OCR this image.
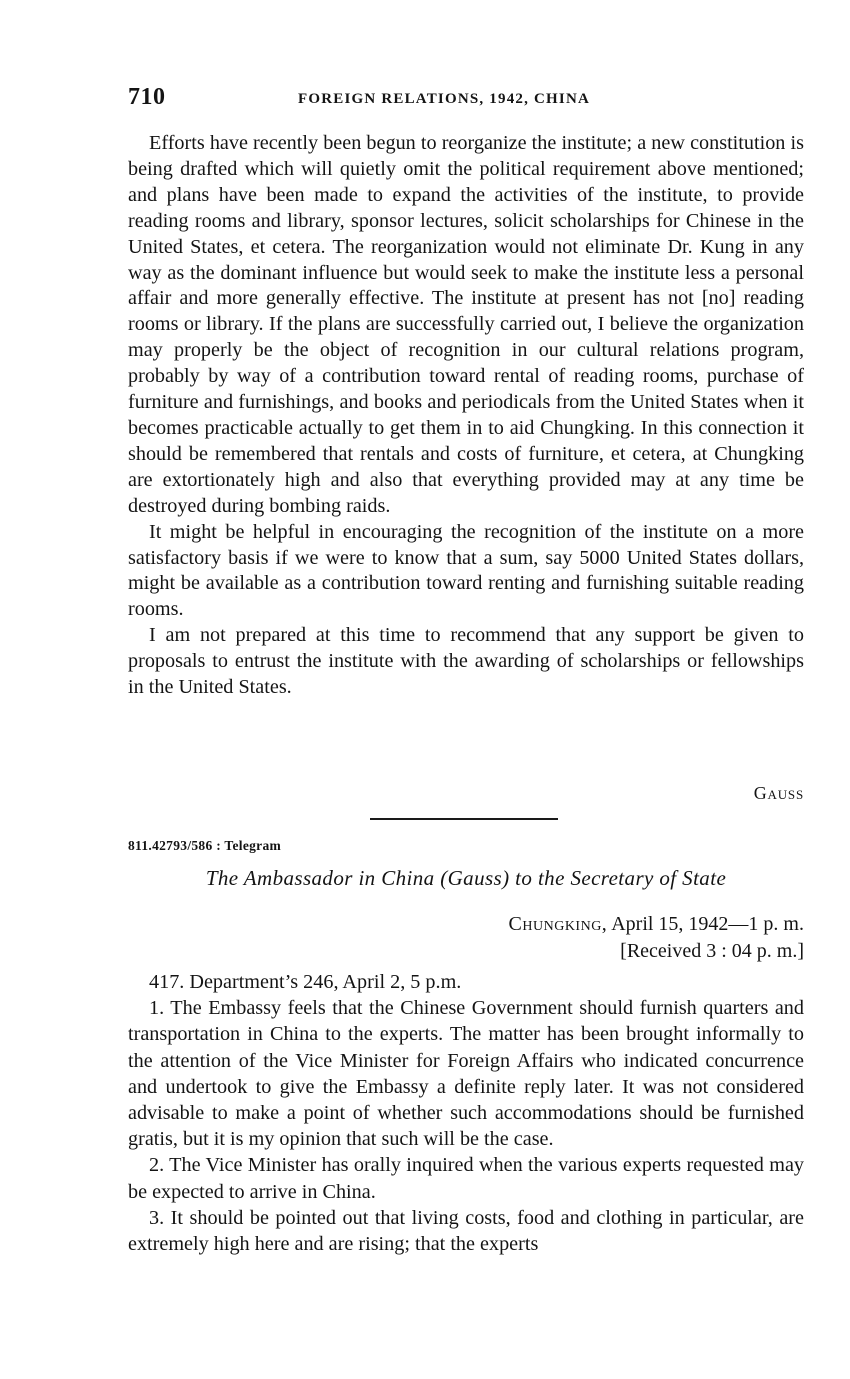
710	FOREIGN RELATIONS, 1942, CHINA

Efforts have recently been begun to reorganize the institute; a new constitution is being drafted which will quietly omit the political requirement above mentioned; and plans have been made to expand the activities of the institute, to provide reading rooms and library, sponsor lectures, solicit scholarships for Chinese in the United States, et cetera. The reorganization would not eliminate Dr. Kung in any way as the dominant influence but would seek to make the institute less a personal affair and more generally effective. The institute at present has not [no] reading rooms or library. If the plans are successfully carried out, I believe the organization may properly be the object of recognition in our cultural relations program, probably by way of a contribution toward rental of reading rooms, purchase of furniture and furnishings, and books and periodicals from the United States when it becomes practicable actually to get them in to aid Chungking. In this connection it should be remembered that rentals and costs of furniture, et cetera, at Chungking are extortionately high and also that everything provided may at any time be destroyed during bombing raids.

It might be helpful in encouraging the recognition of the institute on a more satisfactory basis if we were to know that a sum, say 5000 United States dollars, might be available as a contribution toward renting and furnishing suitable reading rooms.

I am not prepared at this time to recommend that any support be given to proposals to entrust the institute with the awarding of scholarships or fellowships in the United States.

Gauss
811.42793/586 : Telegram
The Ambassador in China (Gauss) to the Secretary of State
Chungking, April 15, 1942—1 p. m.
[Received 3 : 04 p. m.]

417. Department’s 246, April 2, 5 p.m.

1. The Embassy feels that the Chinese Government should furnish quarters and transportation in China to the experts. The matter has been brought informally to the attention of the Vice Minister for Foreign Affairs who indicated concurrence and undertook to give the Embassy a definite reply later. It was not considered advisable to make a point of whether such accommodations should be furnished gratis, but it is my opinion that such will be the case.

2. The Vice Minister has orally inquired when the various experts requested may be expected to arrive in China.

3. It should be pointed out that living costs, food and clothing in particular, are extremely high here and are rising; that the experts
